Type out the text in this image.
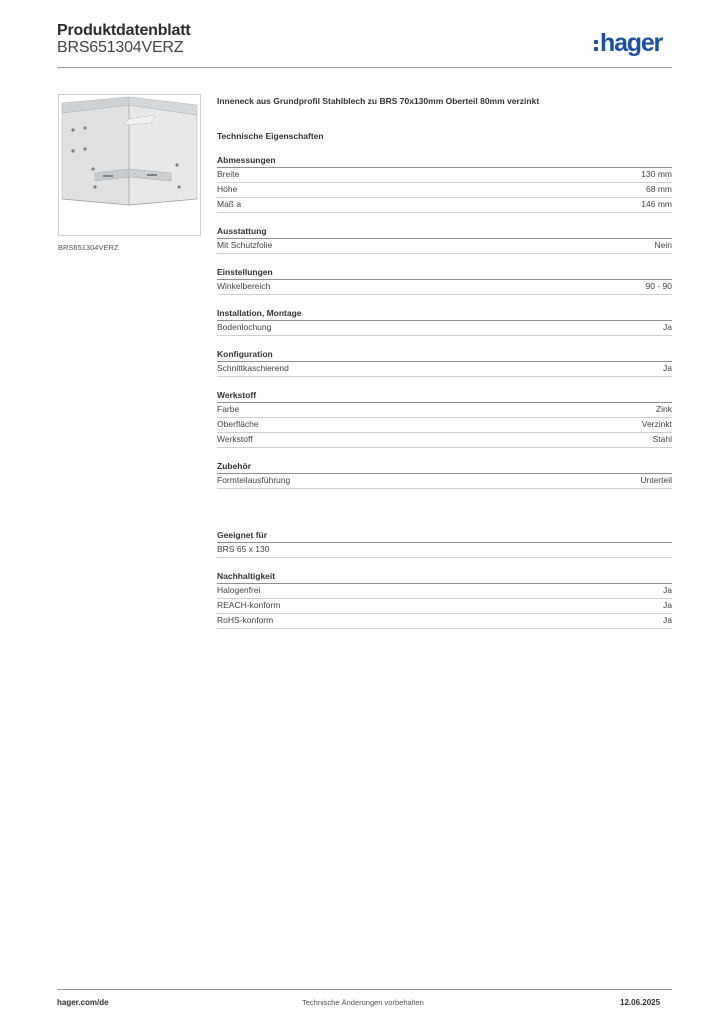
Produktdatenblatt
BRS651304VERZ	hager
BRS651304VERZ
Inneneck aus Grundprofil Stahlblech zu BRS 70x130mm Oberteil 80mm verzinkt
Technische Eigenschaften
Abmessungen
Breite	130 mm
Höhe	68 mm
Maß a	146 mm
Ausstattung
Mit Schutzfolie	Nein
Einstellungen
Winkelbereich	90 - 90
Installation, Montage
Bodenlochung	Ja
Konfiguration
Schnittkaschierend	Ja
Werkstoff
Farbe	Zink
Oberfläche	Verzinkt
Werkstoff	Stahl
Zubehör
Formteilausführung	Unterteil
Geeignet für
BRS 65 x 130
Nachhaltigkeit
Halogenfrei	Ja
REACH-konform	Ja
RoHS-konform	Ja
hager.com/de	Technische Änderungen vorbehalten	12.06.2025
